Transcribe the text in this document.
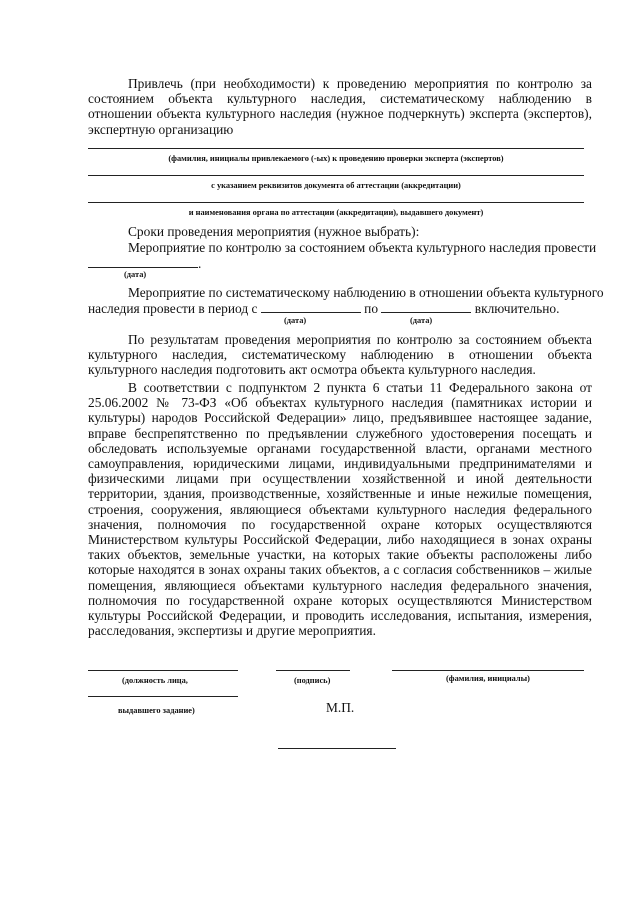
Привлечь (при необходимости) к проведению мероприятия по контролю за состоянием объекта культурного наследия, систематическому наблюдению в отношении объекта культурного наследия (нужное подчеркнуть) эксперта (экспертов), экспертную организацию

(фамилия, инициалы привлекаемого (-ых) к проведению проверки эксперта (экспертов)
с указанием реквизитов документа об аттестации (аккредитации)
и наименования органа по аттестации (аккредитации), выдавшего документ)
Сроки проведения мероприятия (нужное выбрать):
Мероприятие по контролю за состоянием объекта культурного наследия провести
.
(дата)
Мероприятие по систематическому наблюдению в отношении объекта культурного
наследия провести в период с	по	включительно.
(дата)	(дата)

По результатам проведения мероприятия по контролю за состоянием объекта культурного наследия, систематическому наблюдению в отношении объекта культурного наследия подготовить акт осмотра объекта культурного наследия.

В соответствии с подпунктом 2 пункта 6 статьи 11 Федерального закона от 25.06.2002 № 73-ФЗ «Об объектах культурного наследия (памятниках истории и культуры) народов Российской Федерации» лицо, предъявившее настоящее задание, вправе беспрепятственно по предъявлении служебного удостоверения посещать и обследовать используемые органами государственной власти, органами местного самоуправления, юридическими лицами, индивидуальными предпринимателями и физическими лицами при осуществлении хозяйственной и иной деятельности территории, здания, производственные, хозяйственные и иные нежилые помещения, строения, сооружения, являющиеся объектами культурного наследия федерального значения, полномочия по государственной охране которых осуществляются Министерством культуры Российской Федерации, либо находящиеся в зонах охраны таких объектов, земельные участки, на которых такие объекты расположены либо которые находятся в зонах охраны таких объектов, а с согласия собственников – жилые помещения, являющиеся объектами культурного наследия федерального значения, полномочия по государственной охране которых осуществляются Министерством культуры Российской Федерации, и проводить исследования, испытания, измерения, расследования, экспертизы и другие мероприятия.

(должность лица,	(подпись)	(фамилия, инициалы)
выдавшего задание)	М.П.
